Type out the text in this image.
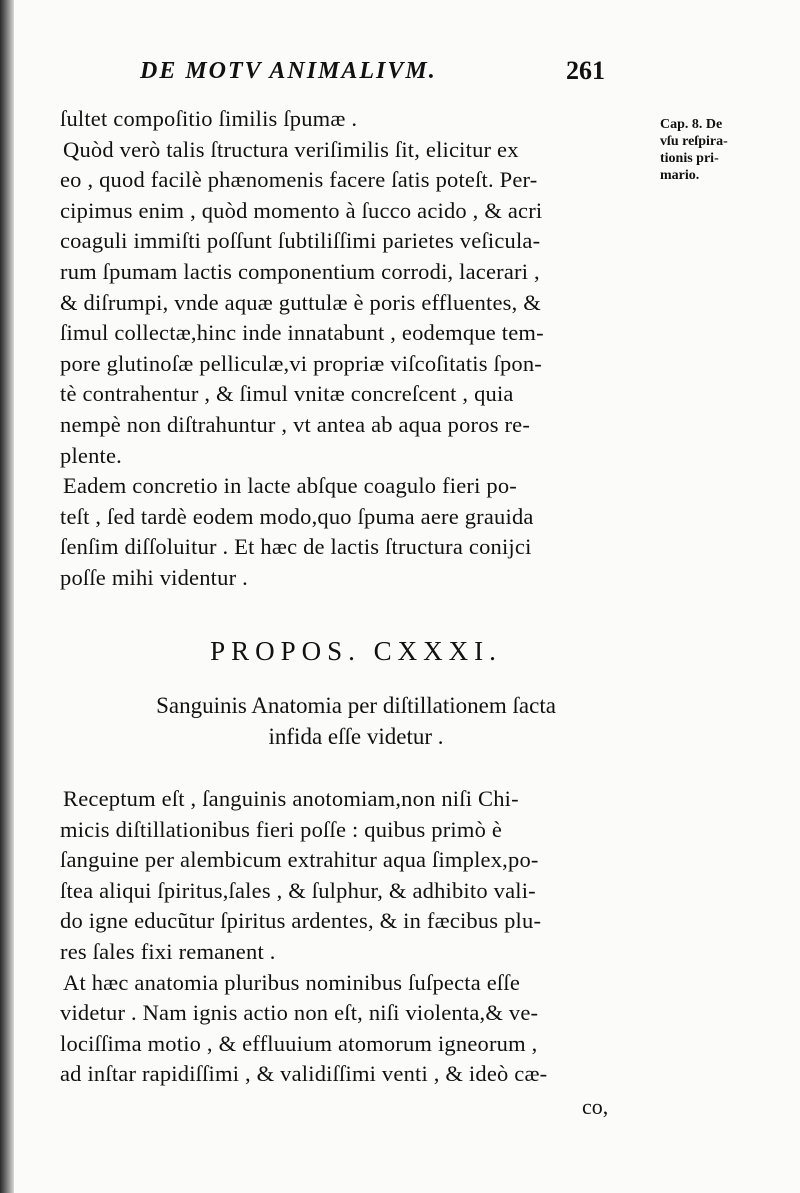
DE MOTV ANIMALIVM.	261
Cap. 8. De
vſu reſpira-
tionis pri-
mario.
ſultet compoſitio ſimilis ſpumæ .
Quòd verò talis ſtructura veriſimilis ſit, elicitur ex
eo , quod facilè phænomenis facere ſatis poteſt. Per-
cipimus enim , quòd momento à ſucco acido , & acri
coaguli immiſti poſſunt ſubtiliſſimi parietes veſicula-
rum ſpumam lactis componentium corrodi, lacerari ,
& diſrumpi, vnde aquæ guttulæ è poris effluentes, &
ſimul collectæ,hinc inde innatabunt , eodemque tem-
pore glutinoſæ pelliculæ,vi propriæ viſcoſitatis ſpon-
tè contrahentur , & ſimul vnitæ concreſcent , quia
nempè non diſtrahuntur , vt antea ab aqua poros re-
plente.
Eadem concretio in lacte abſque coagulo fieri po-
teſt , ſed tardè eodem modo,quo ſpuma aere grauida
ſenſim diſſoluitur . Et hæc de lactis ſtructura conijci
poſſe mihi videntur .
PROPOS. CXXXI.
Sanguinis Anatomia per diſtillationem ſacta
infida eſſe videtur .
Receptum eſt , ſanguinis anotomiam,non niſi Chi-
micis diſtillationibus fieri poſſe : quibus primò è
ſanguine per alembicum extrahitur aqua ſimplex,po-
ſtea aliqui ſpiritus,ſales , & ſulphur, & adhibito vali-
do igne educũtur ſpiritus ardentes, & in fæcibus plu-
res ſales fixi remanent .
At hæc anatomia pluribus nominibus ſuſpecta eſſe
videtur . Nam ignis actio non eſt, niſi violenta,& ve-
lociſſima motio , & effluuium atomorum igneorum ,
ad inſtar rapidiſſimi , & validiſſimi venti , & ideò cæ-
co,
